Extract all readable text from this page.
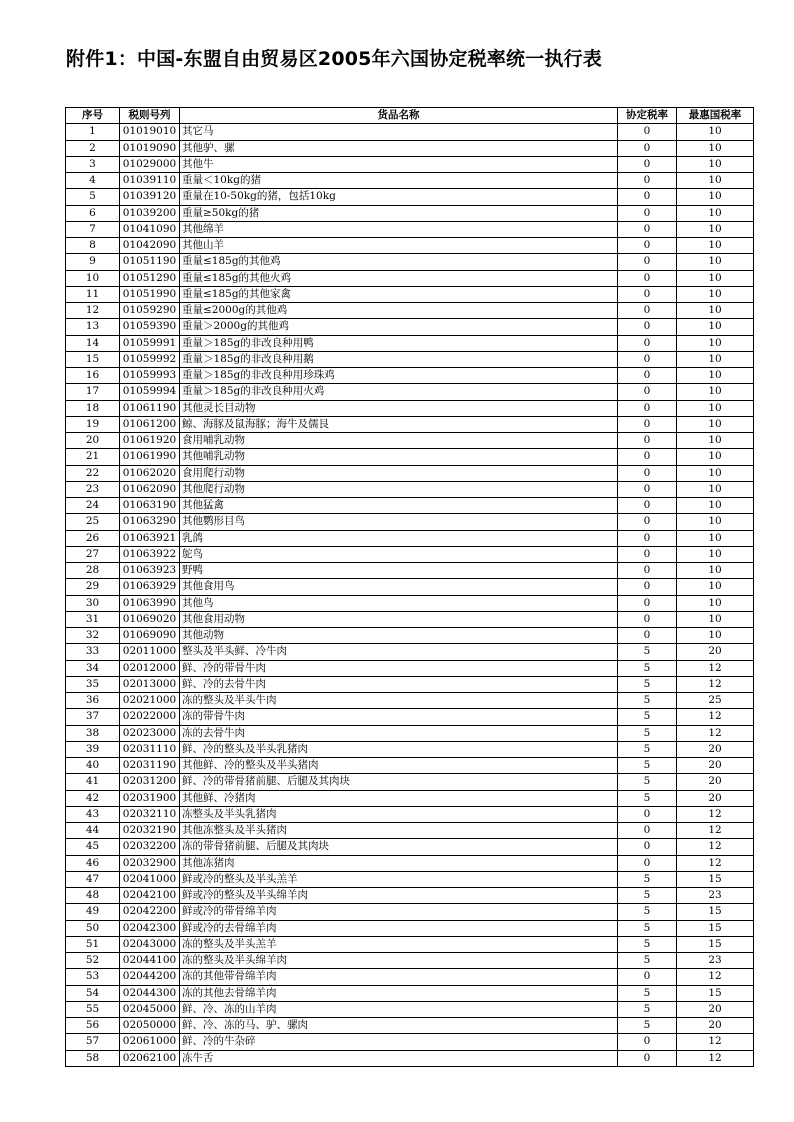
附件1：中国-东盟自由贸易区2005年六国协定税率统一执行表
序号	税则号列	货品名称	协定税率	最惠国税率
1	01019010	其它马	0	10
2	01019090	其他驴、骡	0	10
3	01029000	其他牛	0	10
4	01039110	重量＜10kg的猪	0	10
5	01039120	重量在10-50kg的猪，包括10kg	0	10
6	01039200	重量≥50kg的猪	0	10
7	01041090	其他绵羊	0	10
8	01042090	其他山羊	0	10
9	01051190	重量≤185g的其他鸡	0	10
10	01051290	重量≤185g的其他火鸡	0	10
11	01051990	重量≤185g的其他家禽	0	10
12	01059290	重量≤2000g的其他鸡	0	10
13	01059390	重量＞2000g的其他鸡	0	10
14	01059991	重量＞185g的非改良种用鸭	0	10
15	01059992	重量＞185g的非改良种用鹅	0	10
16	01059993	重量＞185g的非改良种用珍珠鸡	0	10
17	01059994	重量＞185g的非改良种用火鸡	0	10
18	01061190	其他灵长目动物	0	10
19	01061200	鲸、海豚及鼠海豚；海牛及儒艮	0	10
20	01061920	食用哺乳动物	0	10
21	01061990	其他哺乳动物	0	10
22	01062020	食用爬行动物	0	10
23	01062090	其他爬行动物	0	10
24	01063190	其他猛禽	0	10
25	01063290	其他鹦形目鸟	0	10
26	01063921	乳鸽	0	10
27	01063922	鸵鸟	0	10
28	01063923	野鸭	0	10
29	01063929	其他食用鸟	0	10
30	01063990	其他鸟	0	10
31	01069020	其他食用动物	0	10
32	01069090	其他动物	0	10
33	02011000	整头及半头鲜、冷牛肉	5	20
34	02012000	鲜、冷的带骨牛肉	5	12
35	02013000	鲜、冷的去骨牛肉	5	12
36	02021000	冻的整头及半头牛肉	5	25
37	02022000	冻的带骨牛肉	5	12
38	02023000	冻的去骨牛肉	5	12
39	02031110	鲜、冷的整头及半头乳猪肉	5	20
40	02031190	其他鲜、冷的整头及半头猪肉	5	20
41	02031200	鲜、冷的带骨猪前腿、后腿及其肉块	5	20
42	02031900	其他鲜、冷猪肉	5	20
43	02032110	冻整头及半头乳猪肉	0	12
44	02032190	其他冻整头及半头猪肉	0	12
45	02032200	冻的带骨猪前腿、后腿及其肉块	0	12
46	02032900	其他冻猪肉	0	12
47	02041000	鲜或冷的整头及半头羔羊	5	15
48	02042100	鲜或冷的整头及半头绵羊肉	5	23
49	02042200	鲜或冷的带骨绵羊肉	5	15
50	02042300	鲜或冷的去骨绵羊肉	5	15
51	02043000	冻的整头及半头羔羊	5	15
52	02044100	冻的整头及半头绵羊肉	5	23
53	02044200	冻的其他带骨绵羊肉	0	12
54	02044300	冻的其他去骨绵羊肉	5	15
55	02045000	鲜、冷、冻的山羊肉	5	20
56	02050000	鲜、冷、冻的马、驴、骡肉	5	20
57	02061000	鲜、冷的牛杂碎	0	12
58	02062100	冻牛舌	0	12
